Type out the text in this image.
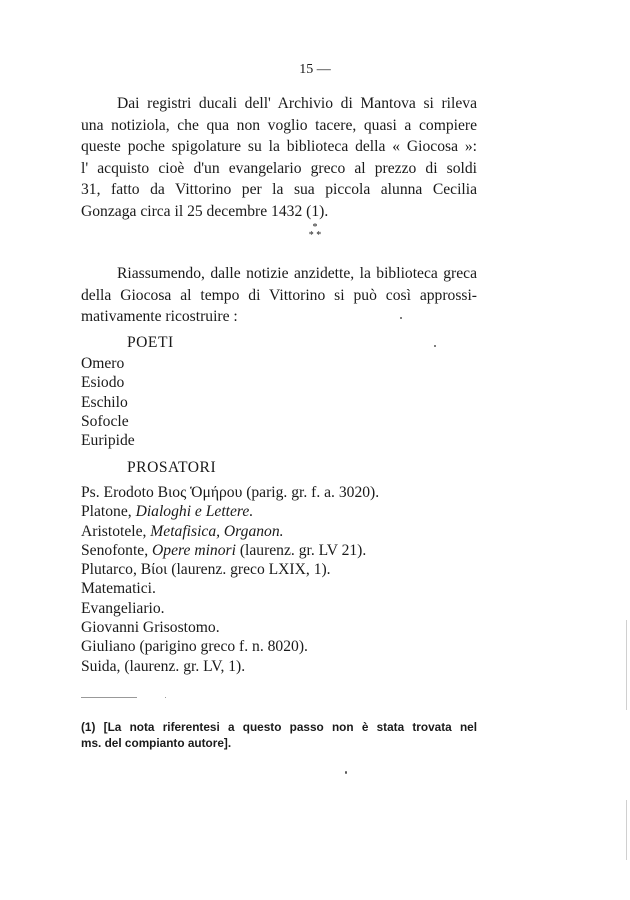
15 —
Dai registri ducali dell' Archivio di Mantova si rileva
una notiziola, che qua non voglio tacere, quasi a compiere
queste poche spigolature su la biblioteca della « Giocosa »:
l' acquisto cioè d'un evangelario greco al prezzo di soldi
31, fatto da Vittorino per la sua piccola alunna Cecilia
Gonzaga circa il 25 decembre 1432 (1).
*
* *
Riassumendo, dalle notizie anzidette, la biblioteca greca
della Giocosa al tempo di Vittorino si può così approssi-
mativamente ricostruire :
POETI
Omero
Esiodo
Eschilo
Sofocle
Euripide
PROSATORI
Ps. Erodoto Βιος Ὁμήρου (parig. gr. f. a. 3020).
Platone, Dialoghi e Lettere.
Aristotele, Metafisica, Organon.
Senofonte, Opere minori (laurenz. gr. LV 21).
Plutarco, Βίοι (laurenz. greco LXIX, 1).
Matematici.
Evangeliario.
Giovanni Grisostomo.
Giuliano (parigino greco f. n. 8020).
Suida, (laurenz. gr. LV, 1).
(1) [La nota riferentesi a questo passo non è stata trovata nel
ms. del compianto autore].
